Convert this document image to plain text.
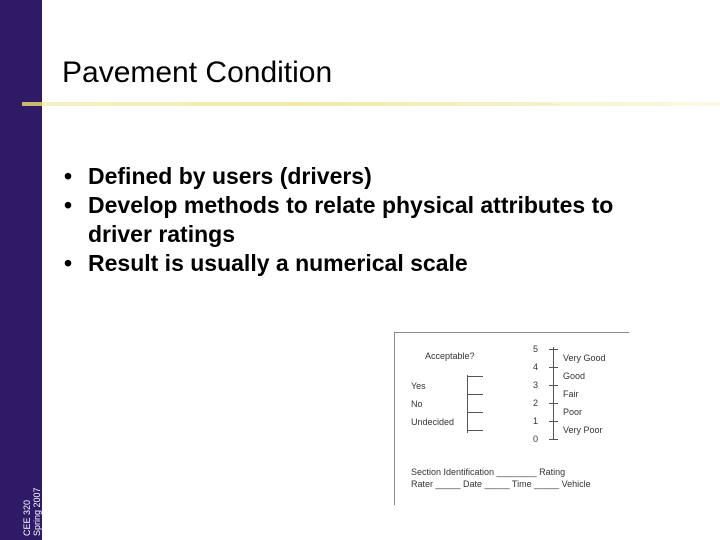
CEE 320 Spring 2007
Pavement Condition
• Defined by users (drivers)
• Develop methods to relate physical attributes to driver ratings
• Result is usually a numerical scale
Acceptable?
Yes
No
Undecided
5
4
3
2
1
0
Very Good
Good
Fair
Poor
Very Poor
Section Identification ________ Rating
Rater _____ Date _____ Time _____ Vehicle
